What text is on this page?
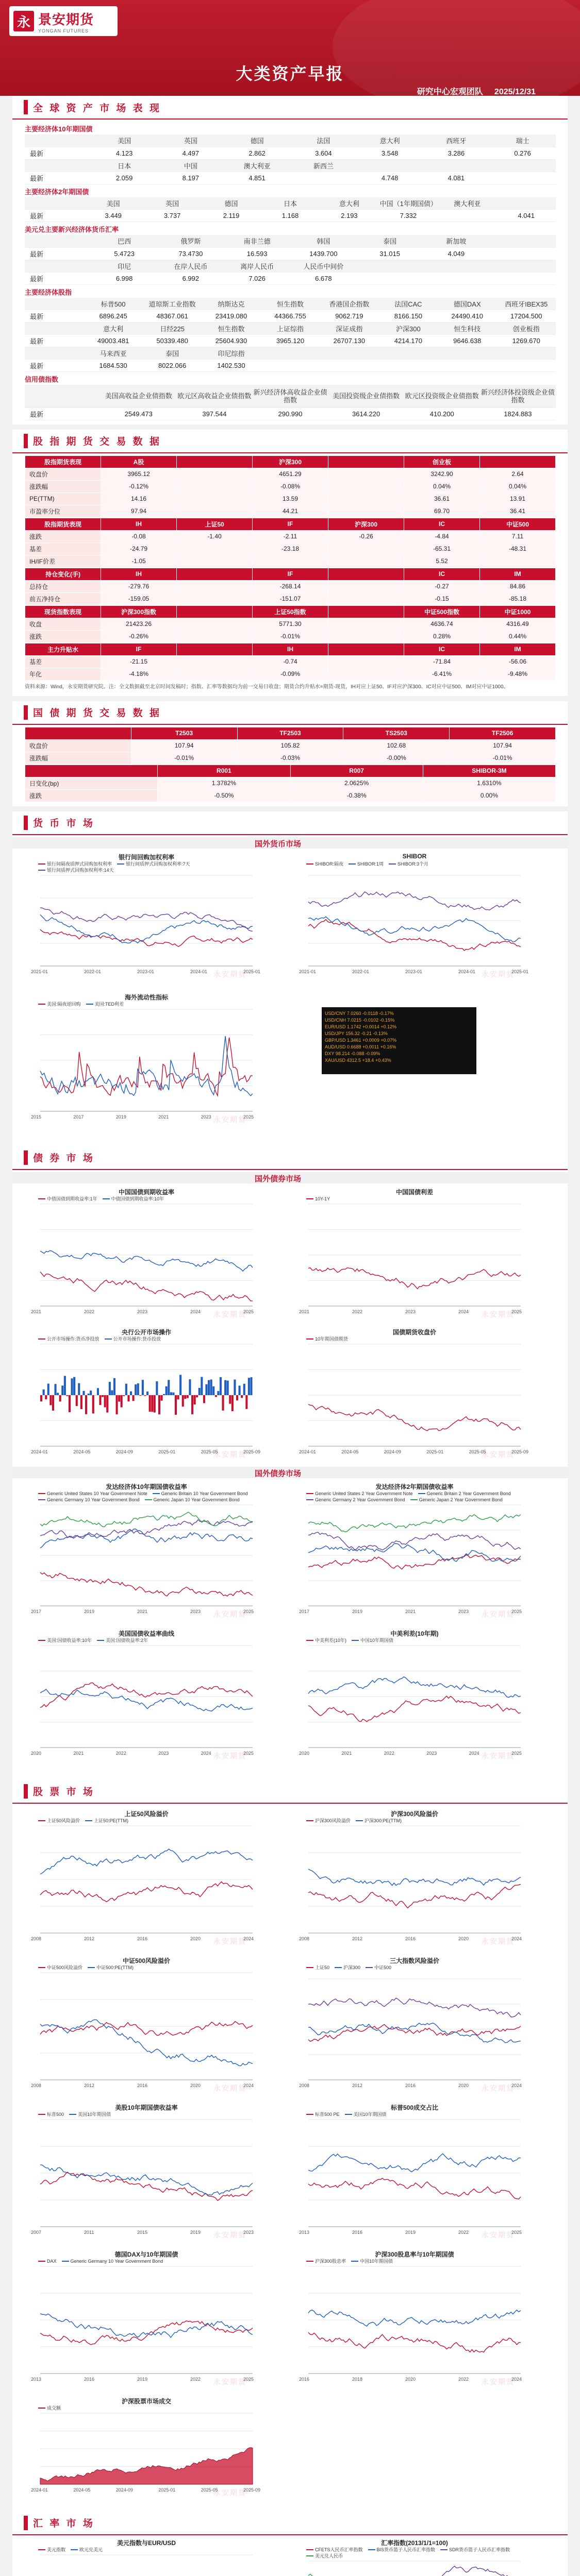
永 景安期货
YONGAN FUTURES
大类资产早报
研究中心宏观团队 2025/12/31
全 球 资 产 市 场 表 现
主要经济体10年期国债
	美国	英国	德国	法国	意大利	西班牙	瑞士
最新	4.123	4.497	2.862	3.604	3.548	3.286	0.276
	日本	中国	澳大利亚	新西兰			
最新	2.059	8.197	4.851		4.748	4.081	
主要经济体2年期国债
	美国	英国	德国	日本	意大利	中国（1年期国债）	澳大利亚	
最新	3.449	3.737	2.119	1.168	2.193	7.332		4.041
美元兑主要新兴经济体货币汇率
	巴西	俄罗斯	南非兰德	韩国	泰国	新加坡	
最新	5.4723	73.4730	16.593	1439.700	31.015	4.049	
	印尼	在岸人民币	离岸人民币	人民币中间价			
最新	6.998	6.992	7.026	6.678			
主要经济体股指
	标普500	道琼斯工业指数	纳斯达克	恒生指数	香港国企指数	法国CAC	德国DAX	西班牙IBEX35
最新	6896.245	48367.061	23419.080	44366.755	9062.719	8166.150	24490.410	17204.500
	意大利	日经225	恒生指数	上证综指	深证成指	沪深300	恒生科技	创业板指
最新	49003.481	50339.480	25604.930	3965.120	26707.130	4214.170	9646.638	1269.670
	马来西亚	泰国	印尼综指					
最新	1684.530	8022.066	1402.530					
信用债指数
	美国高收益企业债指数	欧元区高收益企业债指数	新兴经济体高收益企业债指数	美国投资级企业债指数	欧元区投资级企业债指数	新兴经济体投资级企业债指数
最新	2549.473	397.544	290.990	3614.220	410.200	1824.883
股 指 期 货 交 易 数 据
股指期货表现	A股		沪深300		创业板	
收盘价	3965.12		4651.29		3242.90	2.64
涨跌幅	-0.12%		-0.08%		0.04%	0.04%
PE(TTM)	14.16		13.59		36.61	13.91
市盈率分位	97.94		44.21		69.70	36.41
股指期货表现	IH	上证50	IF	沪深300	IC	中证500
涨跌	-0.08	-1.40	-2.11	-0.26	-4.84	7.11
基差	-24.79		-23.18		-65.31	-48.31
IH/IF价差	-1.05				5.52	
持仓变化(手)	IH		IF		IC	IM
总持仓	-279.76		-268.14		-0.27	84.86
前五净持仓	-159.05		-151.07		-0.15	-85.18
现货指数表现	沪深300指数		上证50指数		中证500指数	中证1000
收盘	21423.26		5771.30		4636.74	4316.49
涨跌	-0.26%		-0.01%		0.28%	0.44%
主力升贴水	IF		IH		IC	IM
基差	-21.15		-0.74		-71.84	-56.06
年化	-4.18%		-0.09%		-6.41%	-9.48%
资料来源：Wind，永安期货研究院。注：全文数据截至北京时间发稿时；指数、汇率等数据均为前一交易日收盘；期货合约升贴水=期货-现货，IH对应上证50、IF对应沪深300、IC对应中证500、IM对应中证1000。
国 债 期 货 交 易 数 据
	T2503	TF2503	TS2503	TF2506
收盘价	107.94	105.82	102.68	107.94
涨跌幅	-0.01%	-0.03%	-0.00%	-0.01%
	R001	R007	SHIBOR-3M
日变化(bp)	1.3782%	2.0625%	1.6310%
涨跌	-0.50%	-0.38%	0.00%
货 币 市 场
国外货币市场
银行间回购加权利率
银行间隔夜质押式回购加权利率	银行间质押式回购加权利率:7天银行间质押式回购加权利率:14天
2021-01	2022-01	2023-01	2024-01	2025-01
永安期货
SHIBOR
SHIBOR:隔夜	SHIBOR:1周	SHIBOR:3个月
2021-01	2022-01	2023-01	2024-01	2025-01
永安期货
海外流动性指标
美国:隔夜逆回购	美国:TED利差
2015	2017	2019	2021	2023	2025
永安期货
USD/CNY 7.0260 -0.0118 -0.17%
USD/CNH 7.0215 -0.0102 -0.15%
EUR/USD 1.1742 +0.0014 +0.12%
USD/JPY 156.32 -0.21 -0.13%
GBP/USD 1.3461 +0.0009 +0.07%
AUD/USD 0.6688 +0.0011 +0.16%
DXY 98.214 -0.088 -0.09%
XAU/USD 4312.5 +18.4 +0.43%
债 券 市 场
国外债券市场
中国国债到期收益率
中债国债到期收益率:1年	中债国债到期收益率:10年
2021	2022	2023	2024	2025
永安期货
中国国债利差
10Y-1Y
2021	2022	2023	2024	2025
永安期货
央行公开市场操作
公开市场操作:货币净投放	公开市场操作:货币投放
2024-01	2024-05	2024-09	2025-01	2025-05	2025-09
永安期货
国债期货收盘价
10年期国债期货
2024-01	2024-05	2024-09	2025-01	2025-05	2025-09
永安期货
国外债券市场
发达经济体10年期国债收益率
Generic United States 10 Year Government Note	Generic Britain 10 Year Government BondGeneric Germany 10 Year Government Bond	Generic Japan 10 Year Government Bond
2017	2019	2021	2023	2025
永安期货
发达经济体2年期国债收益率
Generic United States 2 Year Government Note	Generic Britain 2 Year Government BondGeneric Germany 2 Year Government Bond	Generic Japan 2 Year Government Bond
2017	2019	2021	2023	2025
永安期货
美国国债收益率曲线
美国:国债收益率:10年	美国:国债收益率:2年
2020	2021	2022	2023	2024	2025
永安期货
中美利差(10年期)
中美利差(10年)	中国10年期国债
2020	2021	2022	2023	2024	2025
永安期货
股 票 市 场
上证50风险溢价
上证50风险溢价	上证50:PE(TTM)
2008	2012	2016	2020	2024
永安期货
沪深300风险溢价
沪深300风险溢价	沪深300:PE(TTM)
2008	2012	2016	2020	2024
永安期货
中证500风险溢价
中证500风险溢价	中证500:PE(TTM)
2008	2012	2016	2020	2024
永安期货
三大指数风险溢价
上证50	沪深300	中证500
2008	2012	2016	2020	2024
永安期货
美股10年期国债收益率
标普500	美国10年期国债
2007	2011	2015	2019	2023
永安期货
标普500成交占比
标普500 PE	美国10年期国债
2013	2016	2019	2022	2025
永安期货
德国DAX与10年期国债
DAX	Generic Germany 10 Year Government Bond
2013	2016	2019	2022	2025
永安期货
沪深300股息率与10年期国债
沪深300股息率	中国10年期国债
2016	2018	2020	2022	2024
永安期货
沪深股票市场成交
成交额
2024-01	2024-05	2024-09	2025-01	2025-05	2025-09
永安期货
汇 率 市 场
美元指数与EUR/USD
美元指数	欧元兑美元
汇率指数(2013/1/1=100)
CFETS人民币汇率指数	BIS货币篮子人民币汇率指数	SDR货币篮子人民币汇率指数美元兑人民币
